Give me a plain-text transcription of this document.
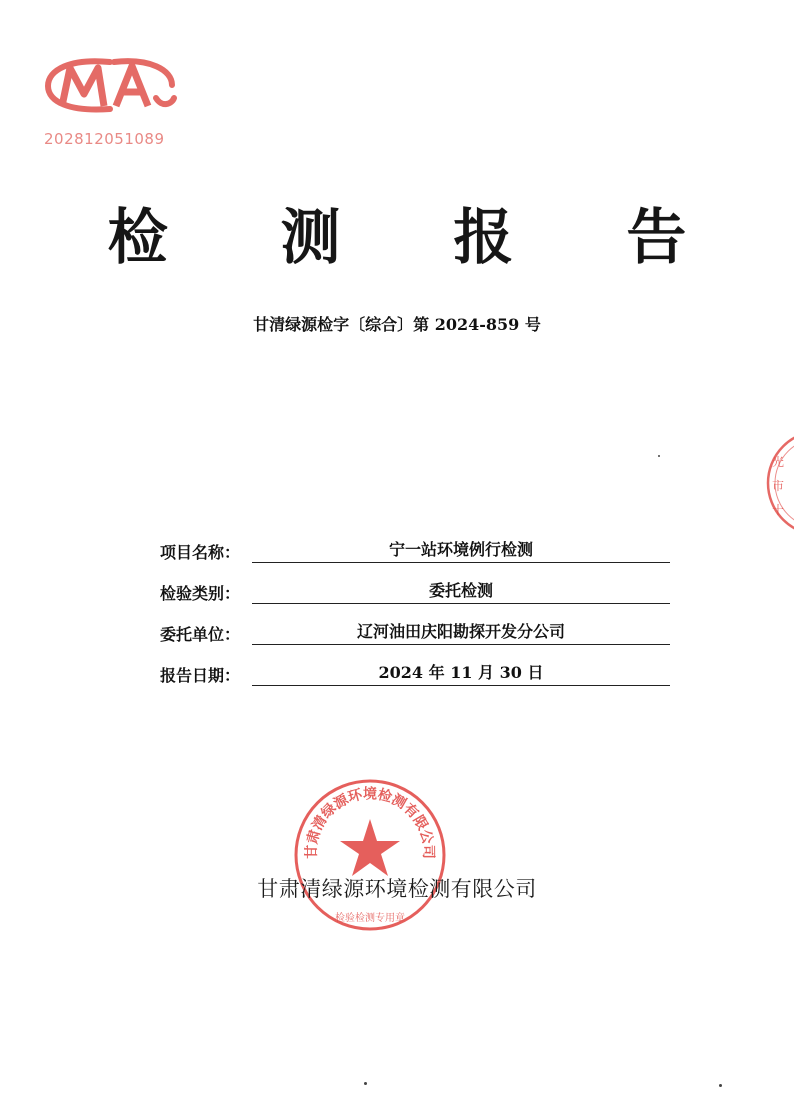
202812051089
检 测 报 告
甘清绿源检字〔综合〕第 2024-859 号
光
市
十
项目名称：	宁一站环境例行检测
检验类别：	委托检测
委托单位：	辽河油田庆阳勘探开发分公司
报告日期：	2024 年 11 月 30 日
甘肃清绿源环境检测有限公司
检验检测专用章
甘肃清绿源环境检测有限公司
